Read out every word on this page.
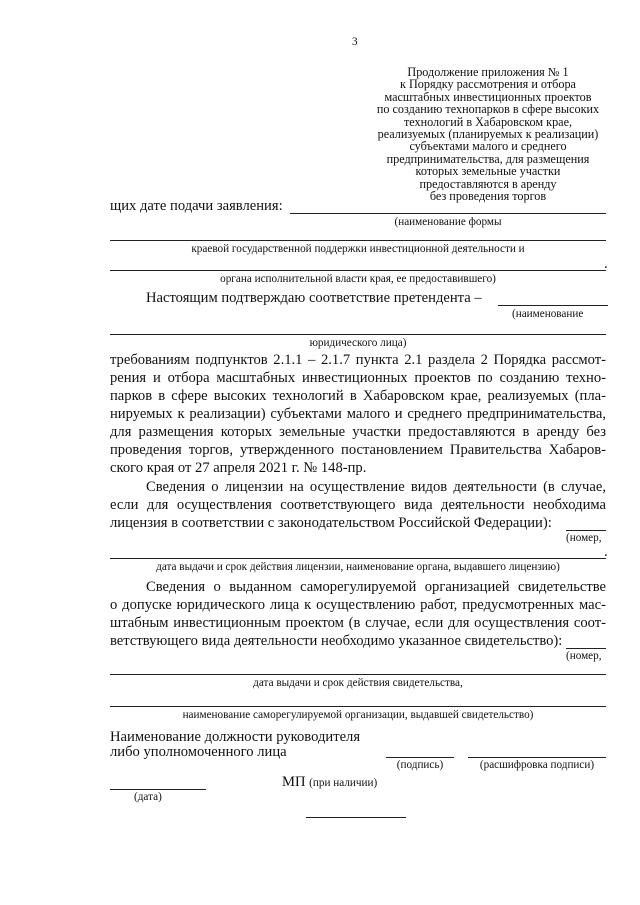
3
Продолжение приложения № 1
к Порядку рассмотрения и отбора
масштабных инвестиционных проектов
по созданию технопарков в сфере высоких
технологий в Хабаровском крае,
реализуемых (планируемых к реализации)
субъектами малого и среднего
предпринимательства, для размещения
которых земельные участки
предоставляются в аренду
без проведения торгов
щих дате подачи заявления:
(наименование формы
краевой государственной поддержки инвестиционной деятельности и
.
органа исполнительной власти края, ее предоставившего)
Настоящим подтверждаю соответствие претендента –
(наименование
юридического лица)
требованиям подпунктов 2.1.1 – 2.1.7 пункта 2.1 раздела 2 Порядка рассмот-
рения и отбора масштабных инвестиционных проектов по созданию техно-
парков в сфере высоких технологий в Хабаровском крае, реализуемых (пла-
нируемых к реализации) субъектами малого и среднего предпринимательства,
для размещения которых земельные участки предоставляются в аренду без
проведения торгов, утвержденного постановлением Правительства Хабаров-
ского края от 27 апреля 2021 г. № 148-пр.
Сведения о лицензии на осуществление видов деятельности (в случае,
если для осуществления соответствующего вида деятельности необходима
лицензия в соответствии с законодательством Российской Федерации):
(номер,
.
дата выдачи и срок действия лицензии, наименование органа, выдавшего лицензию)
Сведения о выданном саморегулируемой организацией свидетельстве
о допуске юридического лица к осуществлению работ, предусмотренных мас-
штабным инвестиционным проектом (в случае, если для осуществления соот-
ветствующего вида деятельности необходимо указанное свидетельство):
(номер,
дата выдачи и срок действия свидетельства,
наименование саморегулируемой организации, выдавшей свидетельство)
Наименование должности руководителя
либо уполномоченного лица
(подпись)	(расшифровка подписи)
МП (при наличии)
(дата)
